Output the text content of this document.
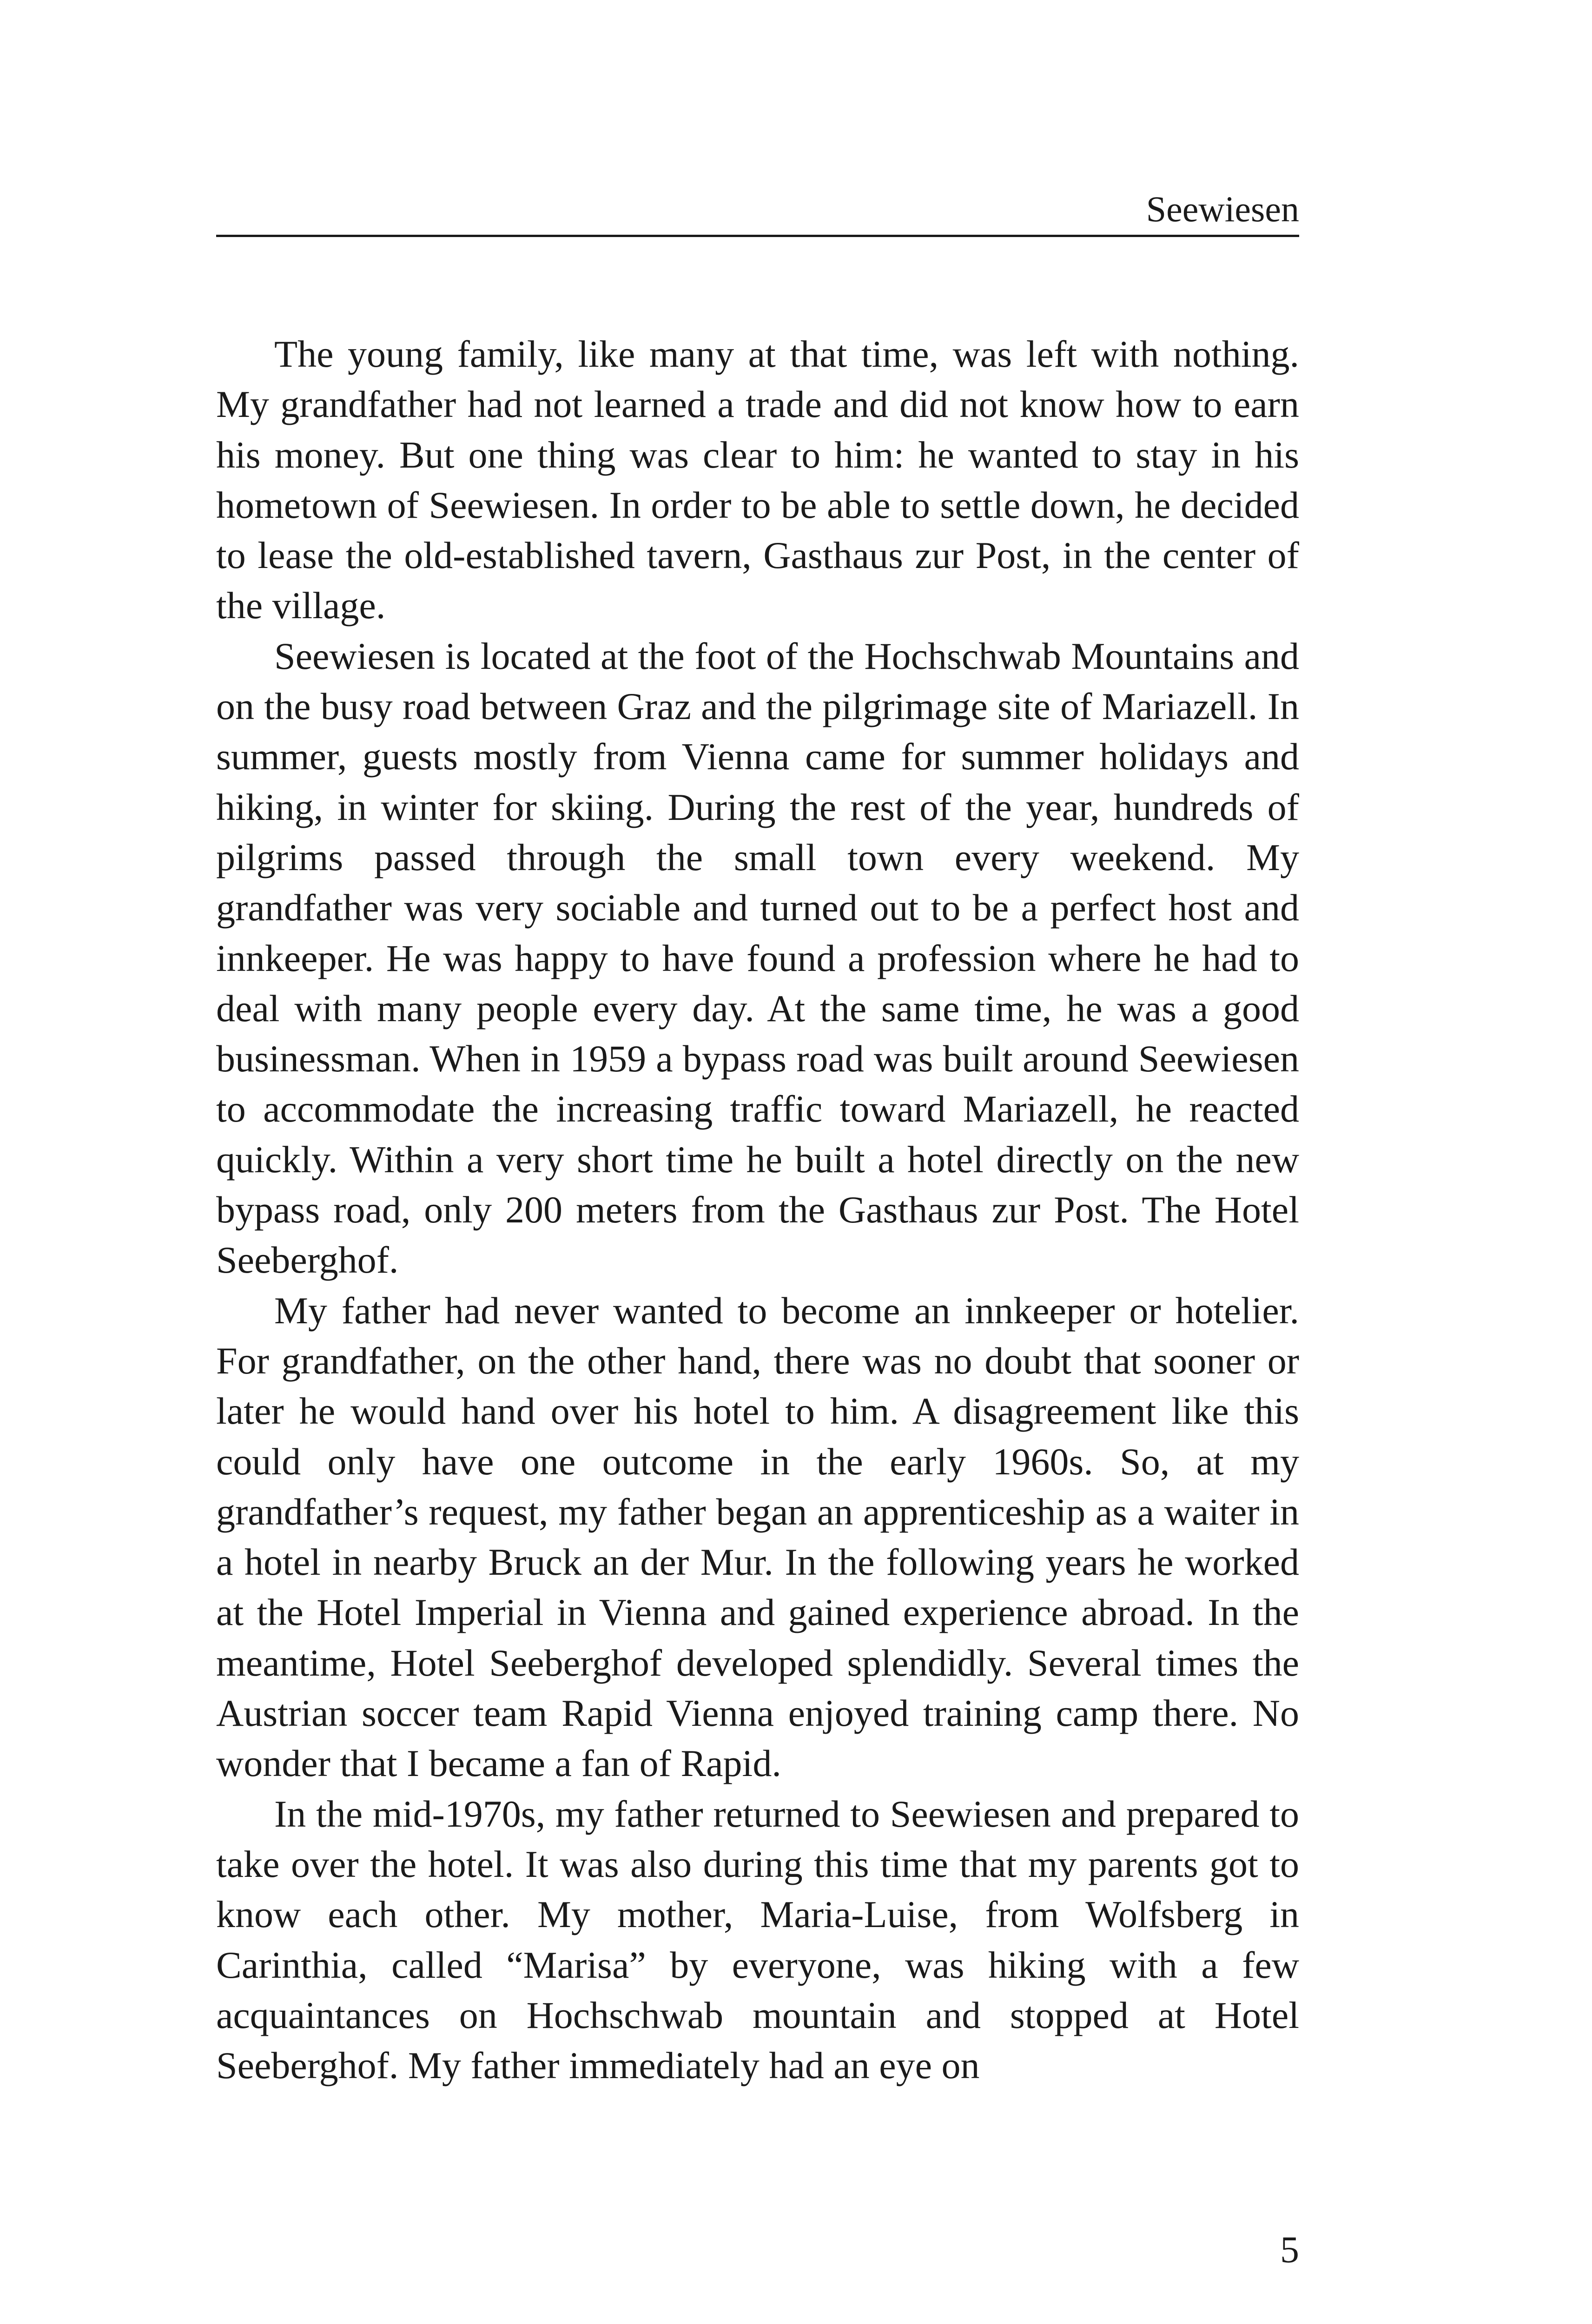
Seewiesen

The young family, like many at that time, was left with nothing. My grandfather had not learned a trade and did not know how to earn his money. But one thing was clear to him: he wanted to stay in his hometown of Seewiesen. In order to be able to settle down, he decided to lease the old-established tavern, Gasthaus zur Post, in the center of the village.

Seewiesen is located at the foot of the Hochschwab Mountains and on the busy road between Graz and the pilgrimage site of Mariazell. In summer, guests mostly from Vienna came for summer holidays and hiking, in winter for skiing. During the rest of the year, hundreds of pilgrims passed through the small town every weekend. My grandfather was very sociable and turned out to be a perfect host and innkeeper. He was happy to have found a profession where he had to deal with many people every day. At the same time, he was a good businessman. When in 1959 a bypass road was built around Seewiesen to accommodate the increasing traffic toward Mariazell, he reacted quickly. Within a very short time he built a hotel directly on the new bypass road, only 200 meters from the Gasthaus zur Post. The Hotel Seeberghof.

My father had never wanted to become an innkeeper or hotelier. For grandfather, on the other hand, there was no doubt that sooner or later he would hand over his hotel to him. A disagreement like this could only have one outcome in the early 1960s. So, at my grandfather’s request, my father began an apprenticeship as a waiter in a hotel in nearby Bruck an der Mur. In the following years he worked at the Hotel Imperial in Vienna and gained experience abroad. In the meantime, Hotel Seeberghof developed splendidly. Several times the Austrian soccer team Rapid Vienna enjoyed training camp there. No wonder that I became a fan of Rapid.

In the mid-1970s, my father returned to Seewiesen and prepared to take over the hotel. It was also during this time that my parents got to know each other. My mother, Maria-Luise, from Wolfsberg in Carinthia, called “Marisa” by everyone, was hiking with a few acquaintances on Hochschwab mountain and stopped at Hotel Seeberghof. My father immediately had an eye on

5
